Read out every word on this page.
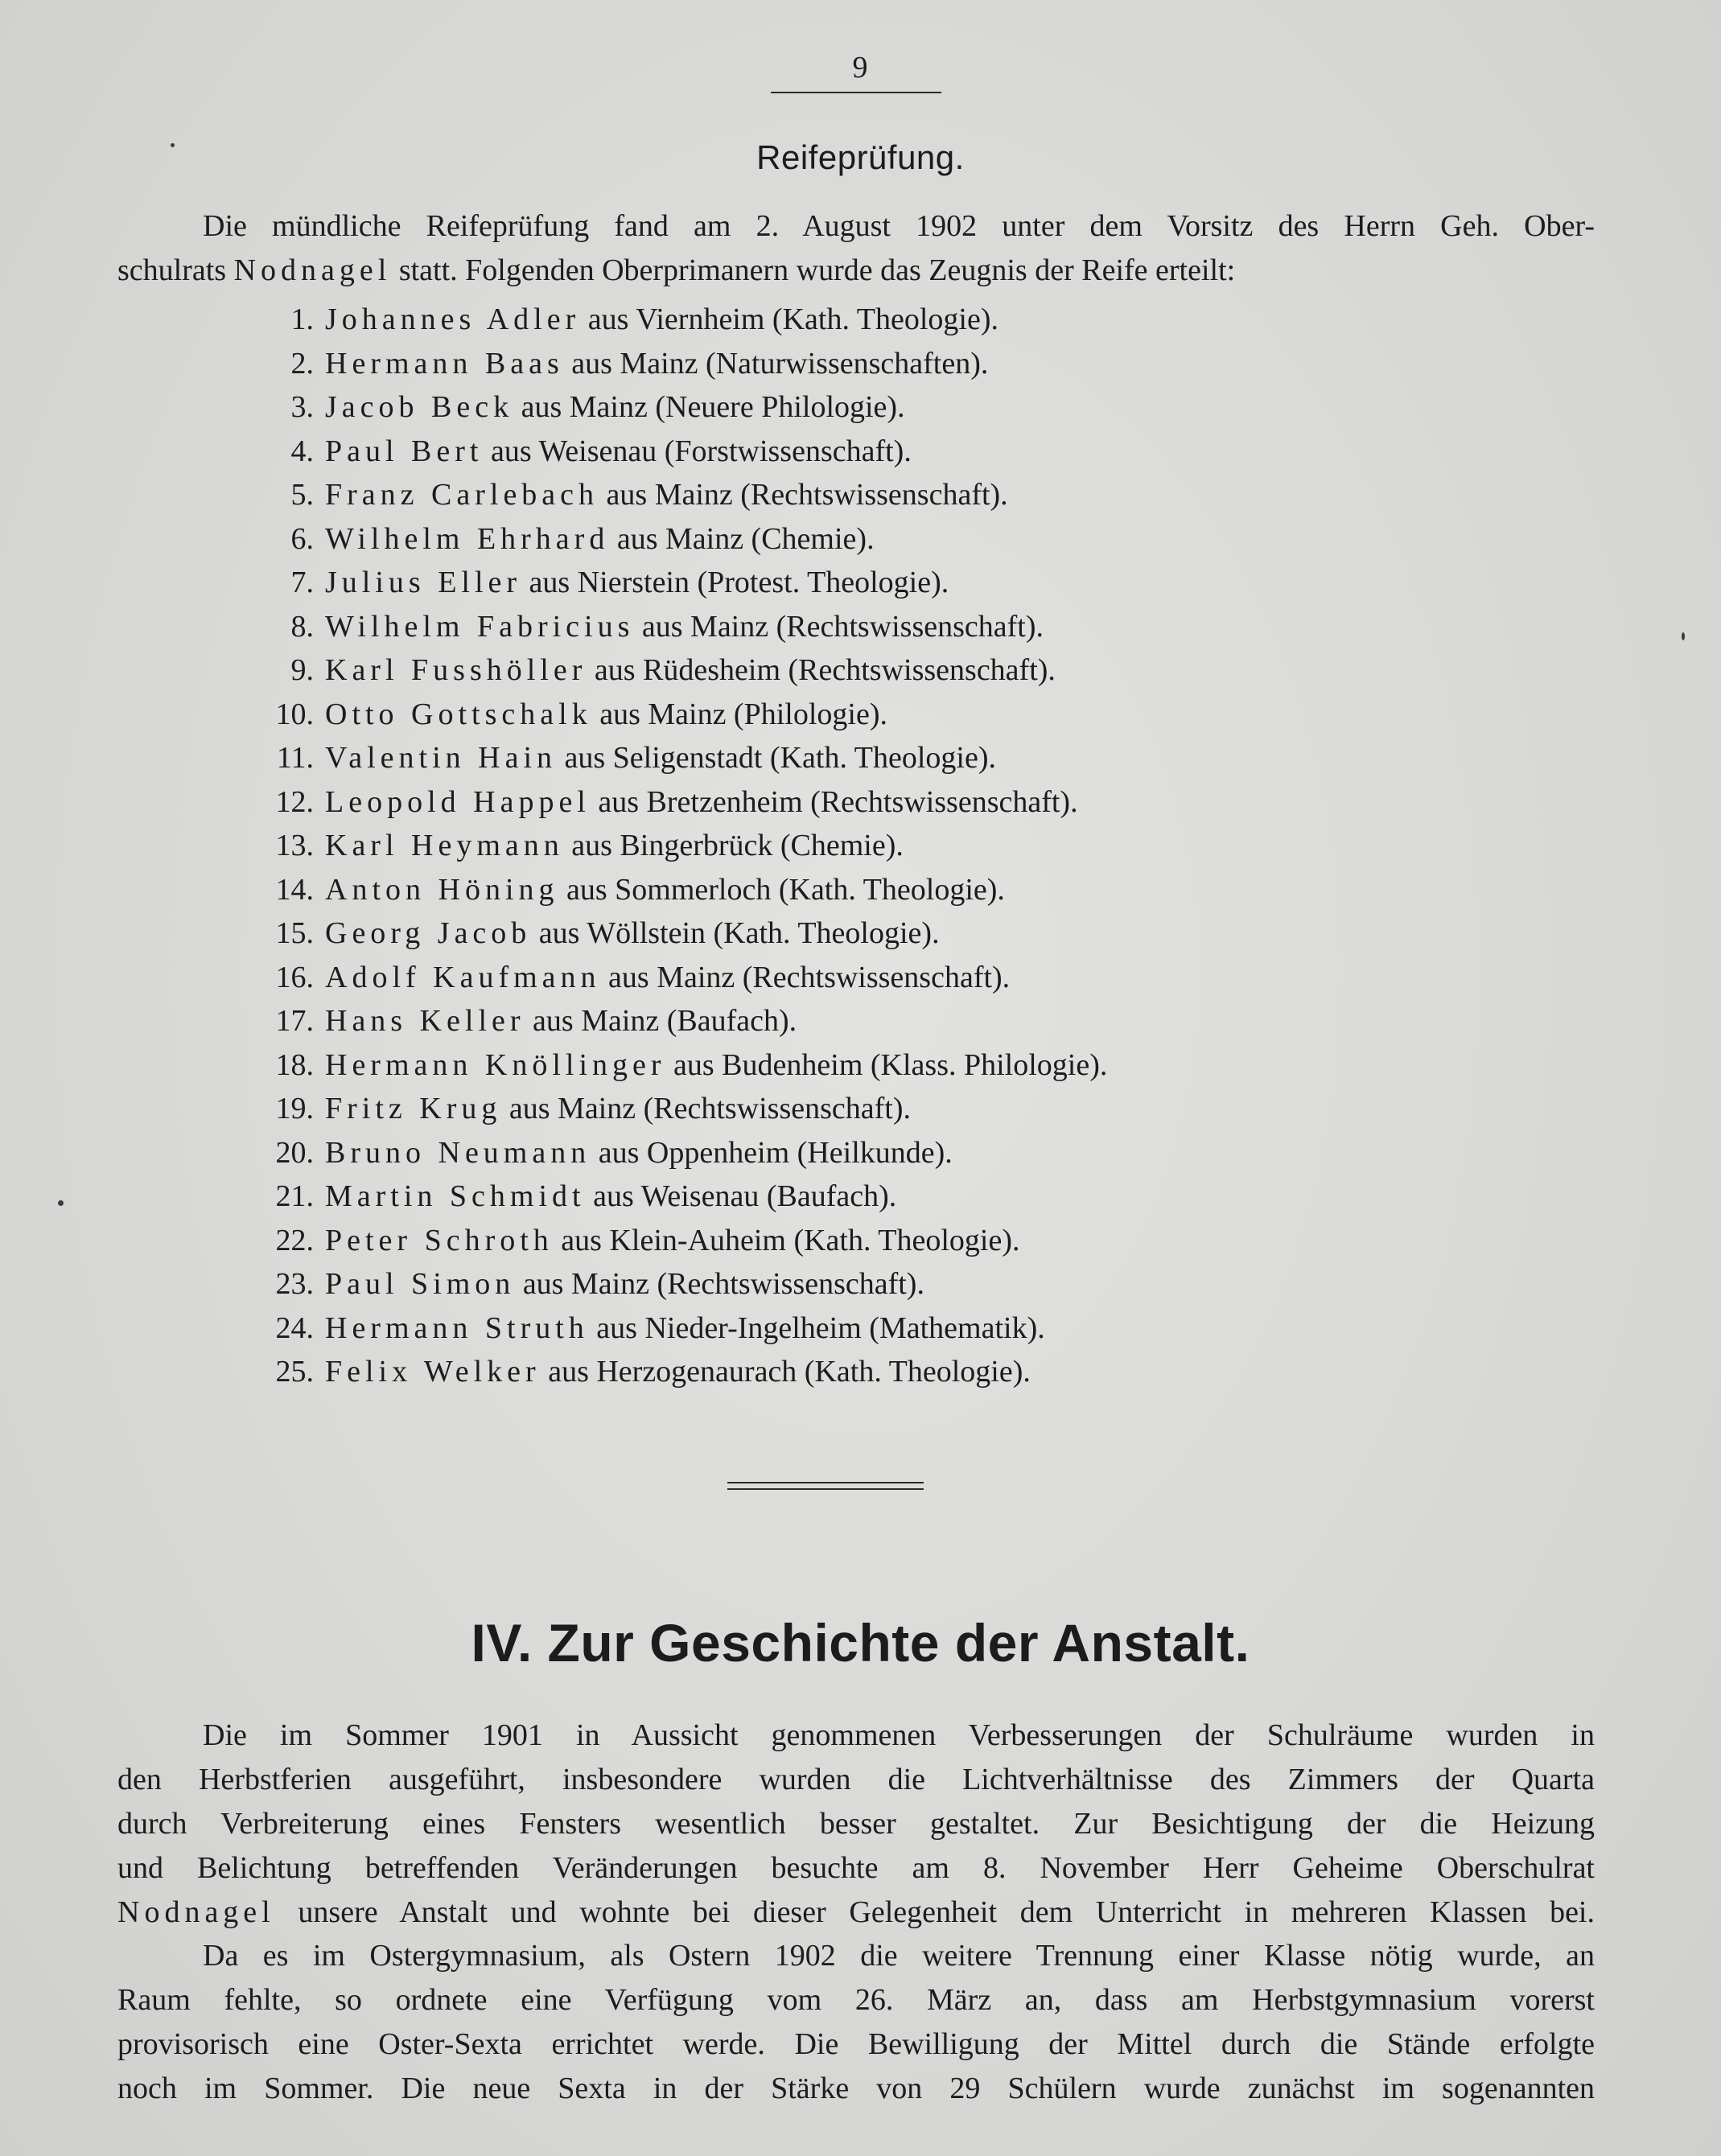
9
Reifeprüfung.
Die mündliche Reifeprüfung fand am 2. August 1902 unter dem Vorsitz des Herrn Geh. Ober-
schulrats Nodnagel statt. Folgenden Oberprimanern wurde das Zeugnis der Reife erteilt:
1. Johannes Adler aus Viernheim (Kath. Theologie).
2. Hermann Baas aus Mainz (Naturwissenschaften).
3. Jacob Beck aus Mainz (Neuere Philologie).
4. Paul Bert aus Weisenau (Forstwissenschaft).
5. Franz Carlebach aus Mainz (Rechtswissenschaft).
6. Wilhelm Ehrhard aus Mainz (Chemie).
7. Julius Eller aus Nierstein (Protest. Theologie).
8. Wilhelm Fabricius aus Mainz (Rechtswissenschaft).
9. Karl Fusshöller aus Rüdesheim (Rechtswissenschaft).
10. Otto Gottschalk aus Mainz (Philologie).
11. Valentin Hain aus Seligenstadt (Kath. Theologie).
12. Leopold Happel aus Bretzenheim (Rechtswissenschaft).
13. Karl Heymann aus Bingerbrück (Chemie).
14. Anton Höning aus Sommerloch (Kath. Theologie).
15. Georg Jacob aus Wöllstein (Kath. Theologie).
16. Adolf Kaufmann aus Mainz (Rechtswissenschaft).
17. Hans Keller aus Mainz (Baufach).
18. Hermann Knöllinger aus Budenheim (Klass. Philologie).
19. Fritz Krug aus Mainz (Rechtswissenschaft).
20. Bruno Neumann aus Oppenheim (Heilkunde).
21. Martin Schmidt aus Weisenau (Baufach).
22. Peter Schroth aus Klein-Auheim (Kath. Theologie).
23. Paul Simon aus Mainz (Rechtswissenschaft).
24. Hermann Struth aus Nieder-Ingelheim (Mathematik).
25. Felix Welker aus Herzogenaurach (Kath. Theologie).
IV. Zur Geschichte der Anstalt.
Die im Sommer 1901 in Aussicht genommenen Verbesserungen der Schulräume wurden in
den Herbstferien ausgeführt, insbesondere wurden die Lichtverhältnisse des Zimmers der Quarta
durch Verbreiterung eines Fensters wesentlich besser gestaltet. Zur Besichtigung der die Heizung
und Belichtung betreffenden Veränderungen besuchte am 8. November Herr Geheime Oberschulrat
Nodnagel unsere Anstalt und wohnte bei dieser Gelegenheit dem Unterricht in mehreren Klassen bei.
Da es im Ostergymnasium, als Ostern 1902 die weitere Trennung einer Klasse nötig wurde, an
Raum fehlte, so ordnete eine Verfügung vom 26. März an, dass am Herbstgymnasium vorerst
provisorisch eine Oster-Sexta errichtet werde. Die Bewilligung der Mittel durch die Stände erfolgte
noch im Sommer. Die neue Sexta in der Stärke von 29 Schülern wurde zunächst im sogenannten
